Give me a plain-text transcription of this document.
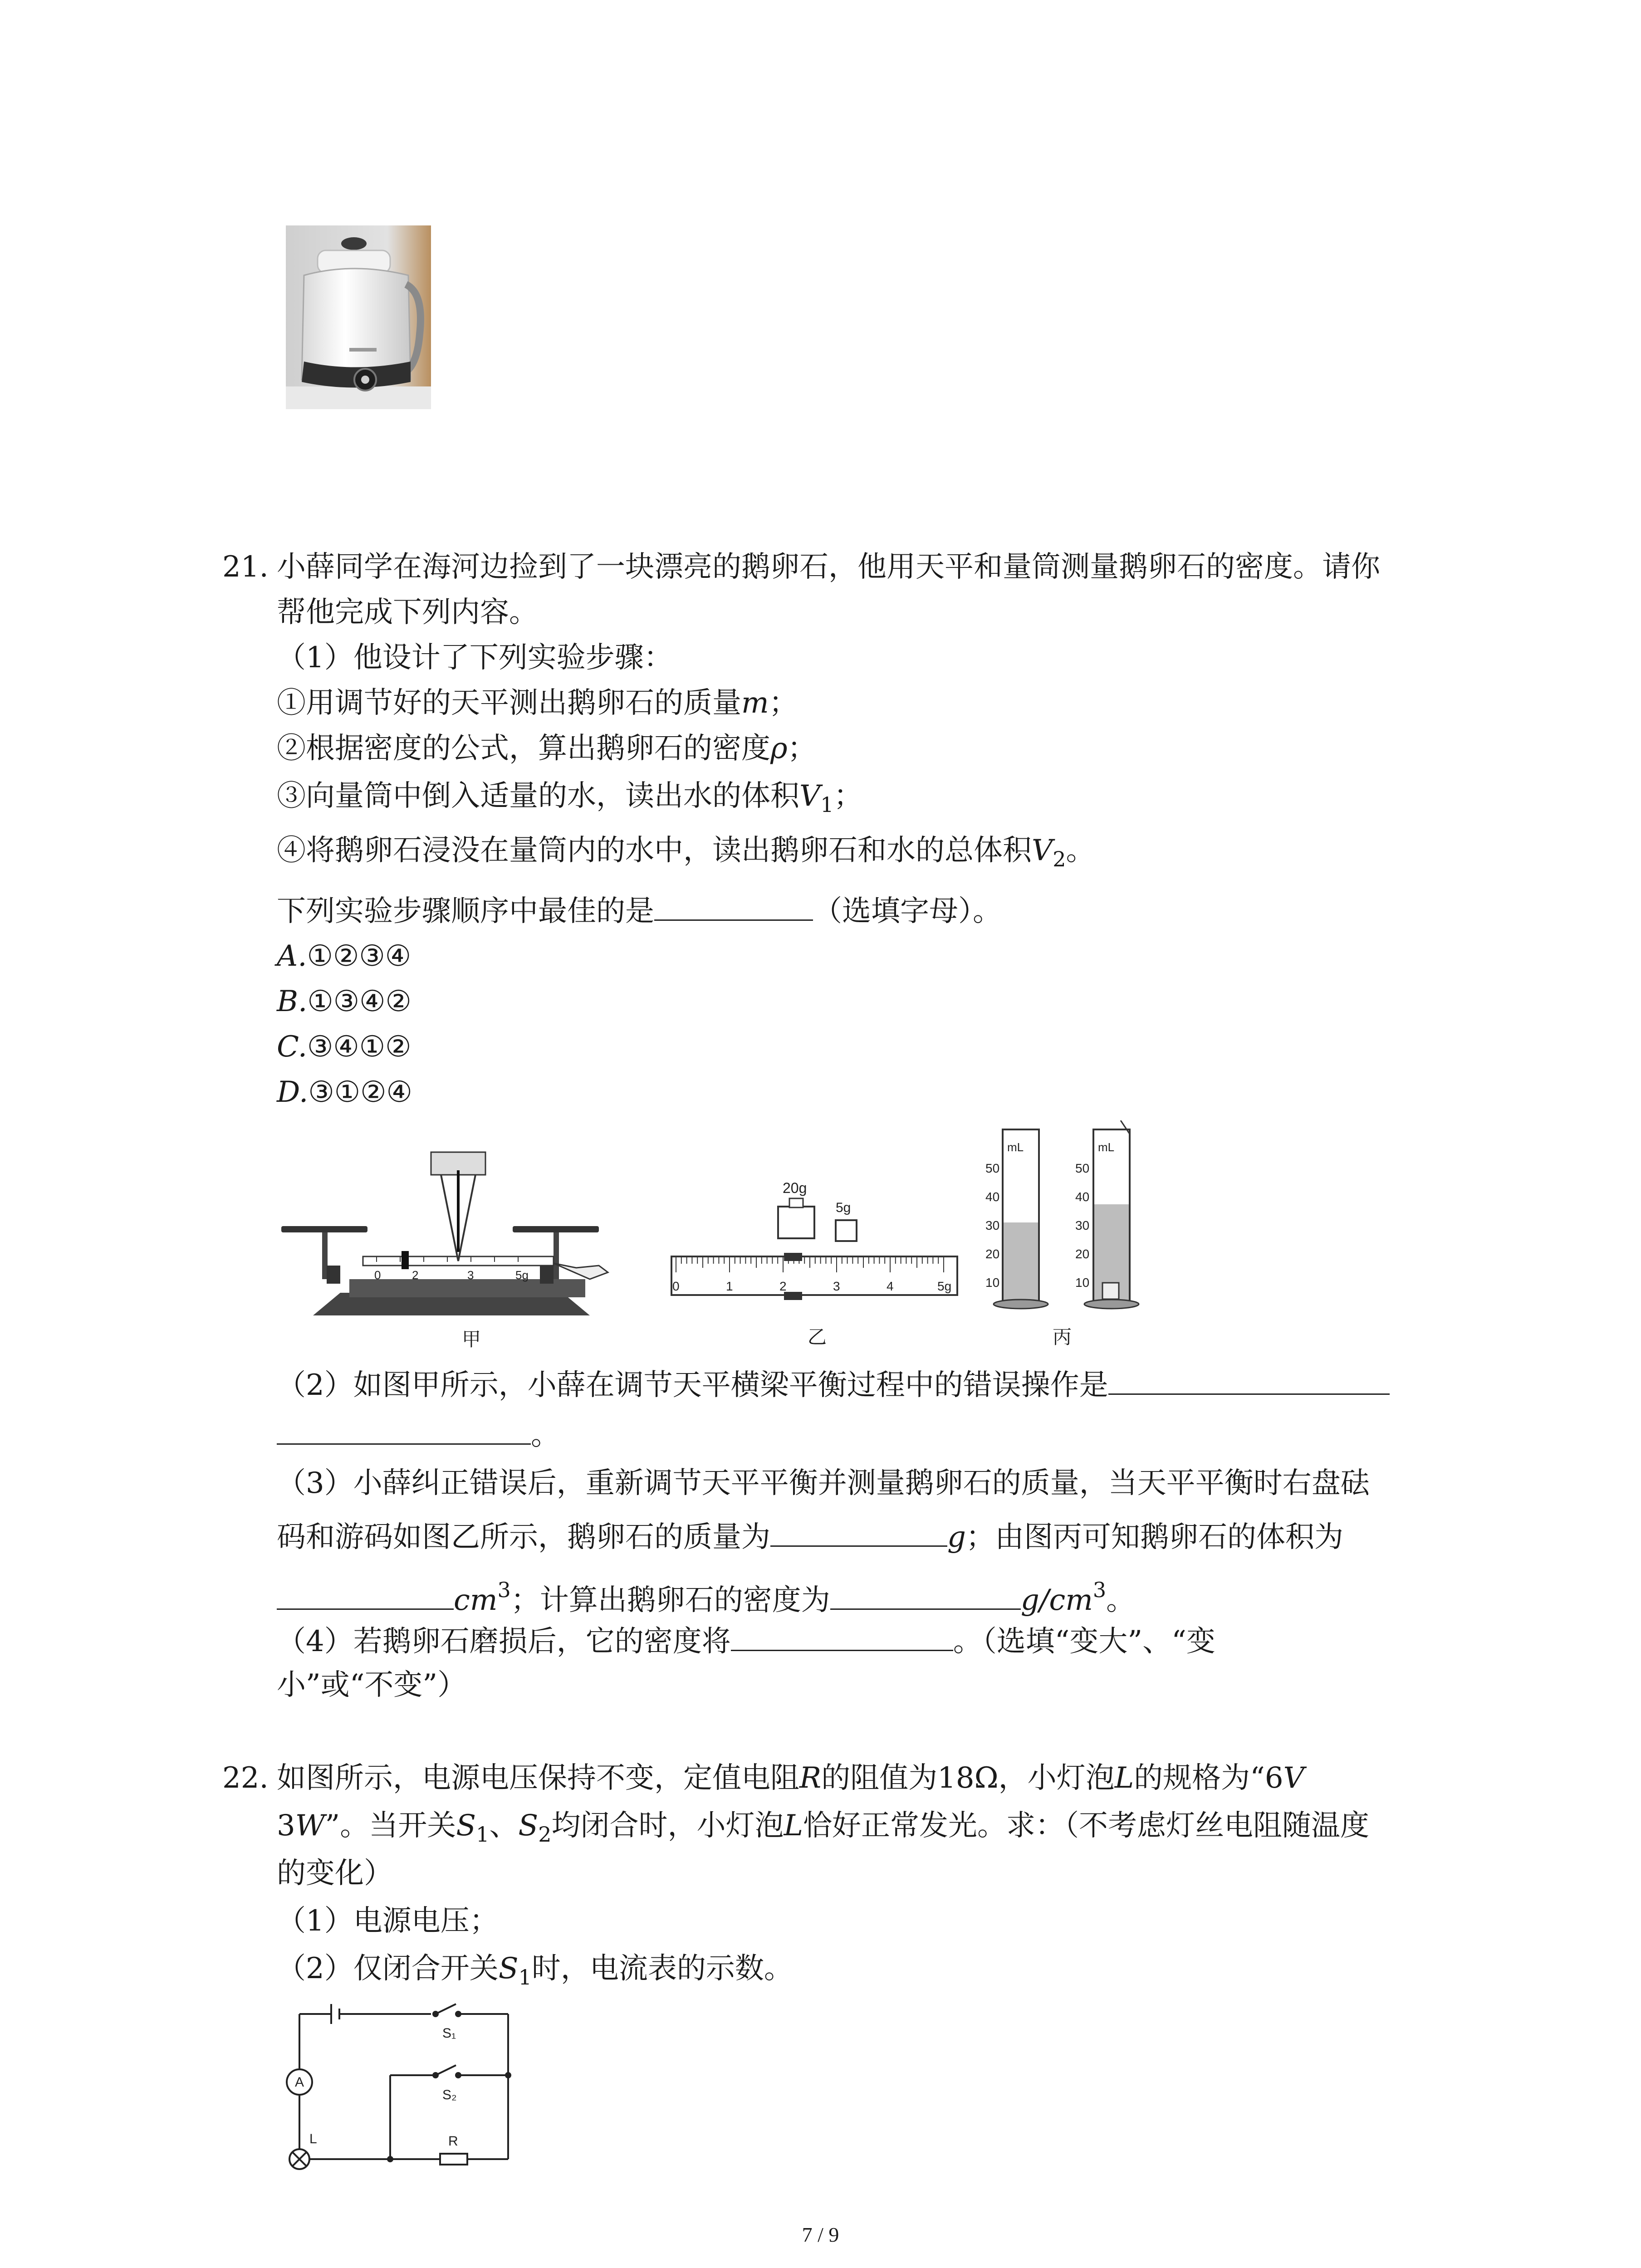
21. 小薛同学在海河边捡到了一块漂亮的鹅卵石，他用天平和量筒测量鹅卵石的密度。请你
帮他完成下列内容。
（1）他设计了下列实验步骤：
①用调节好的天平测出鹅卵石的质量m；
②根据密度的公式，算出鹅卵石的密度ρ；
③向量筒中倒入适量的水，读出水的体积$V_1$；
④将鹅卵石浸没在量筒内的水中，读出鹅卵石和水的总体积$V_2$。
下列实验步骤顺序中最佳的是	（选填字母）。
A.①②③④
B.①③④②
C.③④①②
D.③①②④
0	2	3	5g
甲
20g
5g
0	1	2	3	4	5g
乙
mL
50
40
30
20
10
mL
50
40
30
20
10
丙
（2）如图甲所示，小薛在调节天平横梁平衡过程中的错误操作是
。
（3）小薛纠正错误后，重新调节天平平衡并测量鹅卵石的质量，当天平平衡时右盘砝
码和游码如图乙所示，鹅卵石的质量为	g；由图丙可知鹅卵石的体积为
$cm^3$；计算出鹅卵石的密度为	$g/cm^3$。
（4）若鹅卵石磨损后，它的密度将	。（选填“变大”、“变
小”或“不变”）
22. 如图所示，电源电压保持不变，定值电阻R的阻值为18Ω，小灯泡L的规格为“6V
3W”。当开关$S_1$、$S_2$均闭合时，小灯泡L恰好正常发光。求：（不考虑灯丝电阻随温度
的变化）
（1）电源电压；
（2）仅闭合开关$S_1$时，电流表的示数。
S₁
S₂
A
L	R
7 / 9
